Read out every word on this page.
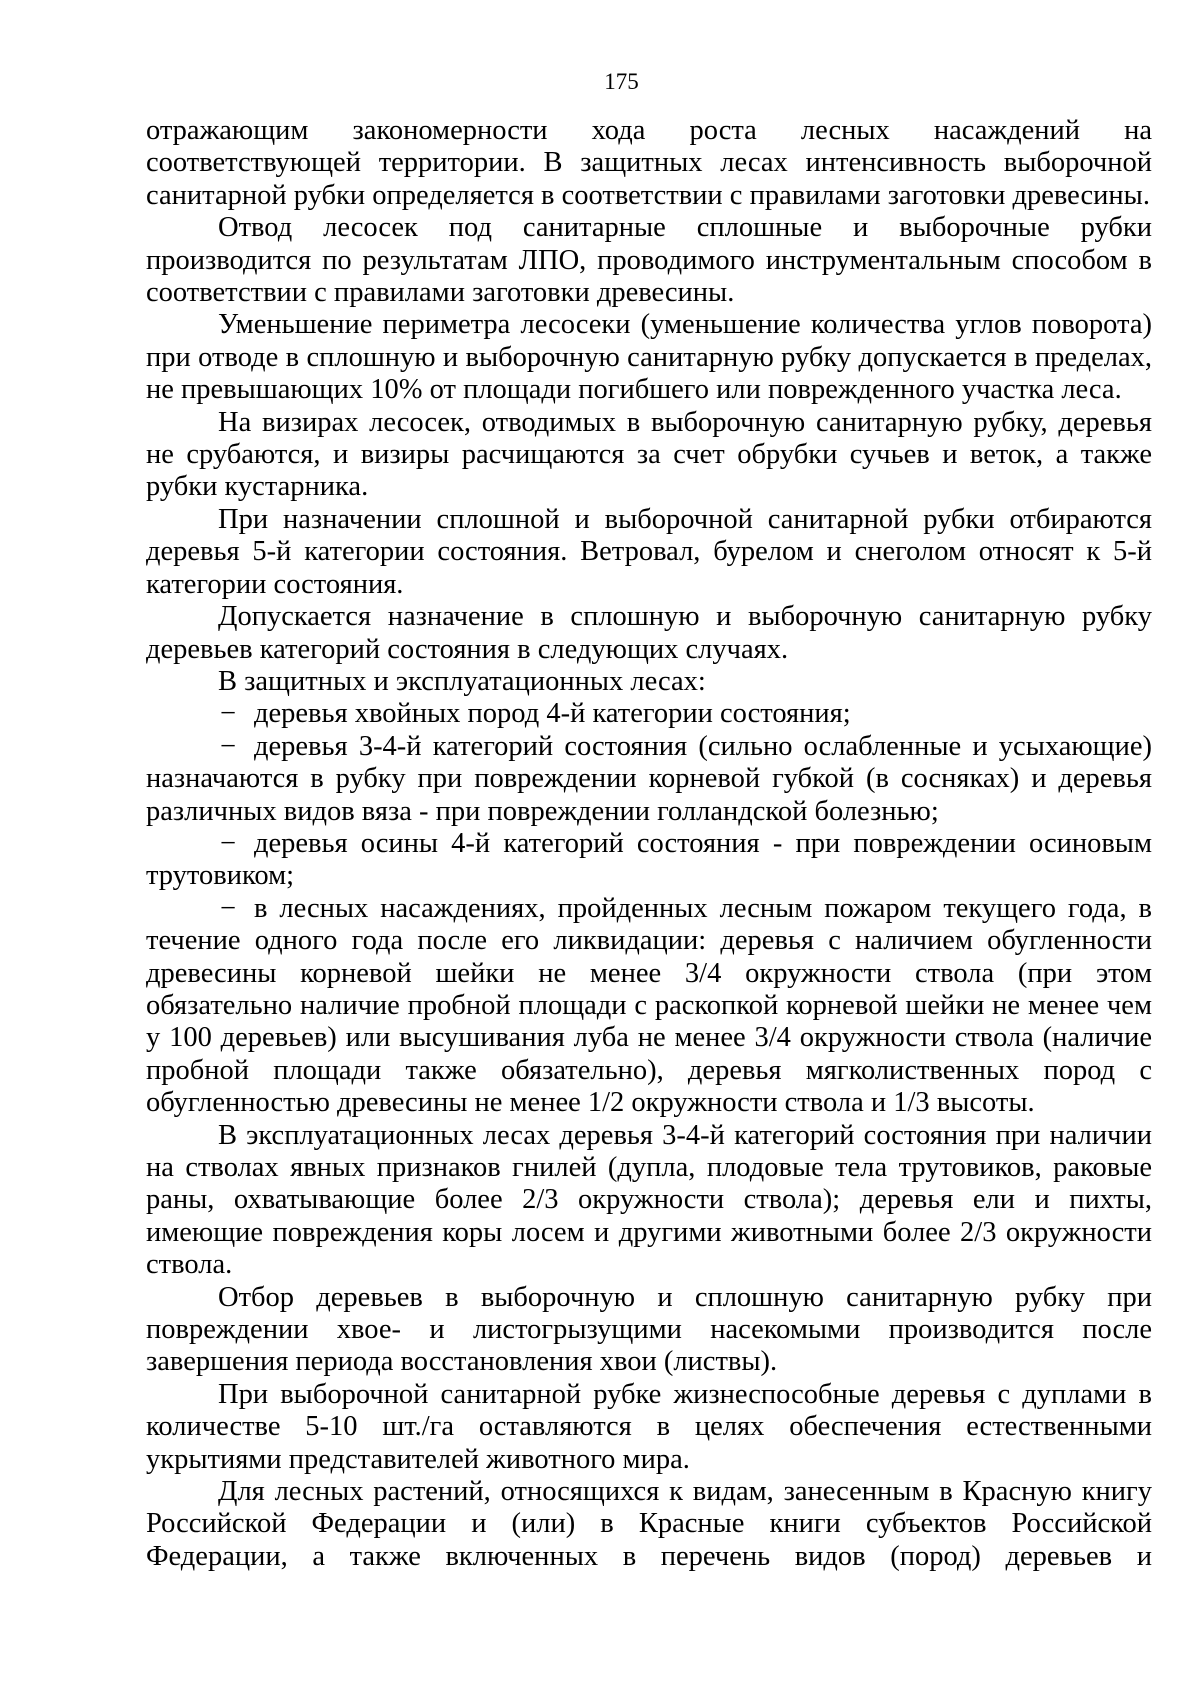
175

отражающим закономерности хода роста лесных насаждений на соответствующей территории. В защитных лесах интенсивность выборочной санитарной рубки определяется в соответствии с правилами заготовки древесины.

Отвод лесосек под санитарные сплошные и выборочные рубки производится по результатам ЛПО, проводимого инструментальным способом в соответствии с правилами заготовки древесины.

Уменьшение периметра лесосеки (уменьшение количества углов поворота) при отводе в сплошную и выборочную санитарную рубку допускается в пределах, не превышающих 10% от площади погибшего или поврежденного участка леса.

На визирах лесосек, отводимых в выборочную санитарную рубку, деревья не срубаются, и визиры расчищаются за счет обрубки сучьев и веток, а также рубки кустарника.

При назначении сплошной и выборочной санитарной рубки отбираются деревья 5-й категории состояния. Ветровал, бурелом и снеголом относят к 5-й категории состояния.

Допускается назначение в сплошную и выборочную санитарную рубку деревьев категорий состояния в следующих случаях.

В защитных и эксплуатационных лесах:

− деревья хвойных пород 4-й категории состояния;

− деревья 3-4-й категорий состояния (сильно ослабленные и усыхающие) назначаются в рубку при повреждении корневой губкой (в сосняках) и деревья различных видов вяза - при повреждении голландской болезнью;

− деревья осины 4-й категорий состояния - при повреждении осиновым трутовиком;

− в лесных насаждениях, пройденных лесным пожаром текущего года, в течение одного года после его ликвидации: деревья с наличием обугленности древесины корневой шейки не менее 3/4 окружности ствола (при этом обязательно наличие пробной площади с раскопкой корневой шейки не менее чем у 100 деревьев) или высушивания луба не менее 3/4 окружности ствола (наличие пробной площади также обязательно), деревья мягколиственных пород с обугленностью древесины не менее 1/2 окружности ствола и 1/3 высоты.

В эксплуатационных лесах деревья 3-4-й категорий состояния при наличии на стволах явных признаков гнилей (дупла, плодовые тела трутовиков, раковые раны, охватывающие более 2/3 окружности ствола); деревья ели и пихты, имеющие повреждения коры лосем и другими животными более 2/3 окружности ствола.

Отбор деревьев в выборочную и сплошную санитарную рубку при повреждении хвое- и листогрызущими насекомыми производится после завершения периода восстановления хвои (листвы).

При выборочной санитарной рубке жизнеспособные деревья с дуплами в количестве 5-10 шт./га оставляются в целях обеспечения естественными укрытиями представителей животного мира.

Для лесных растений, относящихся к видам, занесенным в Красную книгу Российской Федерации и (или) в Красные книги субъектов Российской Федерации, а также включенных в перечень видов (пород) деревьев и
